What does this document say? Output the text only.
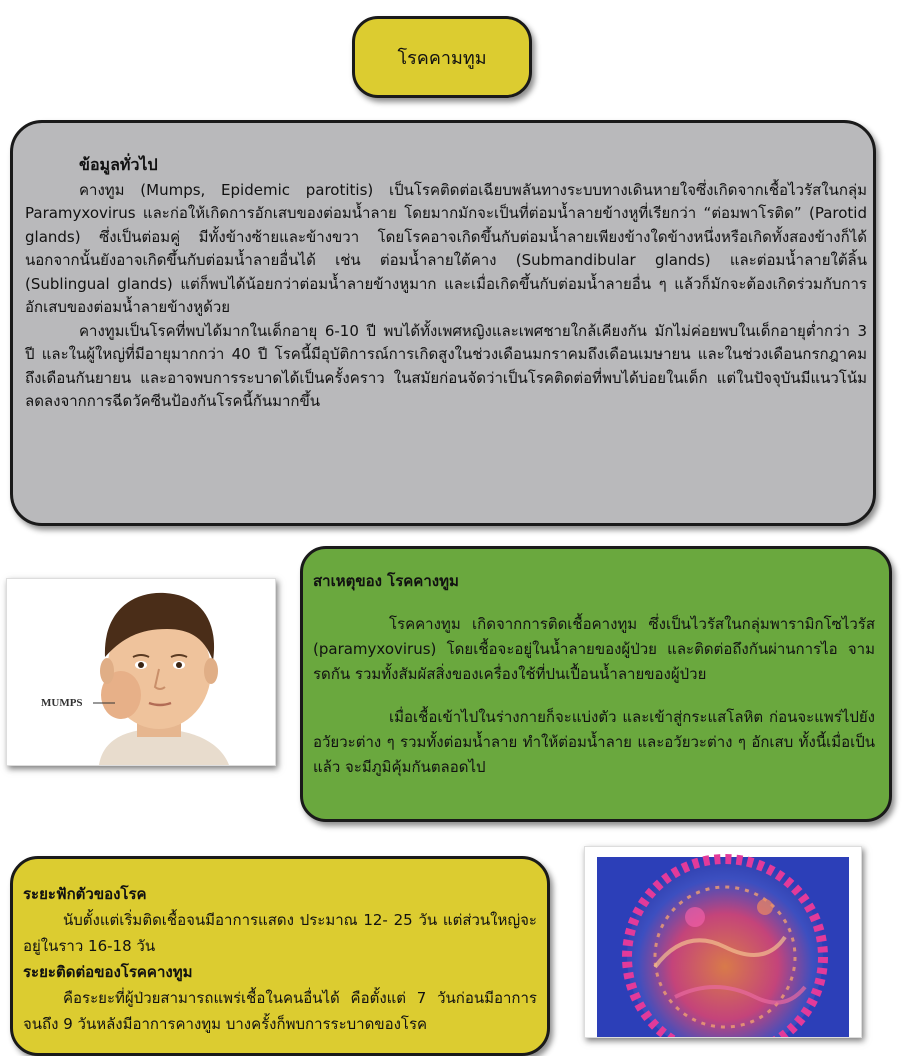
โรคคามทูม
ข้อมูลทั่วไป

คางทูม (Mumps, Epidemic parotitis) เป็นโรคติดต่อเฉียบพลันทางระบบทางเดินหายใจซึ่งเกิดจากเชื้อไวรัสในกลุ่ม Paramyxovirus และก่อให้เกิดการอักเสบของต่อมน้ำลาย โดยมากมักจะเป็นที่ต่อมน้ำลายข้างหูที่เรียกว่า “ต่อมพาโรติด” (Parotid glands) ซึ่งเป็นต่อมคู่ มีทั้งข้างซ้ายและข้างขวา โดยโรคอาจเกิดขึ้นกับต่อมน้ำลายเพียงข้างใดข้างหนึ่งหรือเกิดทั้งสองข้างก็ได้ นอกจากนั้นยังอาจเกิดขึ้นกับต่อมน้ำลายอื่นได้ เช่น ต่อมน้ำลายใต้คาง (Submandibular glands) และต่อมน้ำลายใต้ลิ้น (Sublingual glands) แต่ก็พบได้น้อยกว่าต่อมน้ำลายข้างหูมาก และเมื่อเกิดขึ้นกับต่อมน้ำลายอื่น ๆ แล้วก็มักจะต้องเกิดร่วมกับการอักเสบของต่อมน้ำลายข้างหูด้วย

คางทูมเป็นโรคที่พบได้มากในเด็กอายุ 6-10 ปี พบได้ทั้งเพศหญิงและเพศชายใกล้เคียงกัน มักไม่ค่อยพบในเด็กอายุต่ำกว่า 3 ปี และในผู้ใหญ่ที่มีอายุมากกว่า 40 ปี โรคนี้มีอุบัติการณ์การเกิดสูงในช่วงเดือนมกราคมถึงเดือนเมษายน และในช่วงเดือนกรกฎาคมถึงเดือนกันยายน และอาจพบการระบาดได้เป็นครั้งคราว ในสมัยก่อนจัดว่าเป็นโรคติดต่อที่พบได้บ่อยในเด็ก แต่ในปัจจุบันมีแนวโน้มลดลงจากการฉีดวัคซีนป้องกันโรคนี้กันมากขึ้น

MUMPS
สาเหตุของ โรคคางทูม

โรคคางทูม เกิดจากการติดเชื้อคางทูม ซึ่งเป็นไวรัสในกลุ่มพารามิกโซไวรัส (paramyxovirus) โดยเชื้อจะอยู่ในน้ำลายของผู้ป่วย และติดต่อถึงกันผ่านการไอ จามรดกัน รวมทั้งสัมผัสสิ่งของเครื่องใช้ที่ปนเปื้อนน้ำลายของผู้ป่วย

เมื่อเชื้อเข้าไปในร่างกายก็จะแบ่งตัว และเข้าสู่กระแสโลหิต ก่อนจะแพร่ไปยังอวัยวะต่าง ๆ รวมทั้งต่อมน้ำลาย ทำให้ต่อมน้ำลาย และอวัยวะต่าง ๆ อักเสบ ทั้งนี้เมื่อเป็นแล้ว จะมีภูมิคุ้มกันตลอดไป

ระยะฟักตัวของโรค

นับตั้งแต่เริ่มติดเชื้อจนมีอาการแสดง ประมาณ 12- 25 วัน แต่ส่วนใหญ่จะอยู่ในราว 16-18 วัน

ระยะติดต่อของโรคคางทูม

คือระยะที่ผู้ป่วยสามารถแพร่เชื้อในคนอื่นได้ คือตั้งแต่ 7 วันก่อนมีอาการ จนถึง 9 วันหลังมีอาการคางทูม บางครั้งก็พบการระบาดของโรค
